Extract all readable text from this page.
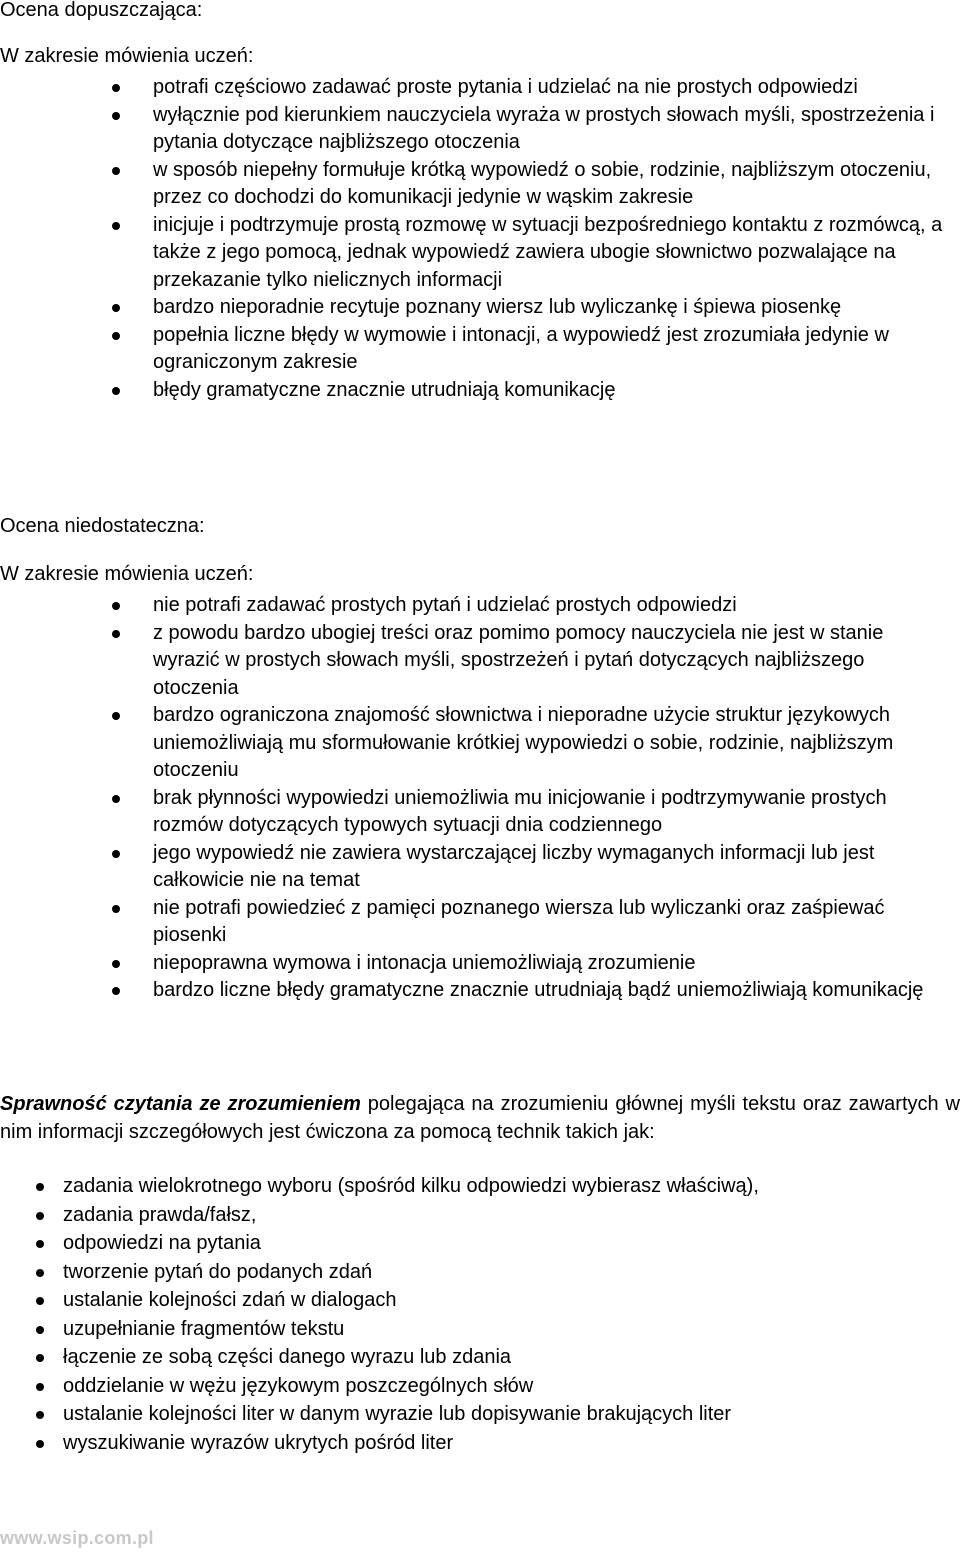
Ocena dopuszczająca:

W zakresie mówienia uczeń:

potrafi częściowo zadawać proste pytania i udzielać na nie prostych odpowiedzi
wyłącznie pod kierunkiem nauczyciela wyraża w prostych słowach myśli, spostrzeżenia i pytania dotyczące najbliższego otoczenia
w sposób niepełny formułuje krótką wypowiedź o sobie, rodzinie, najbliższym otoczeniu, przez co dochodzi do komunikacji jedynie w wąskim zakresie
inicjuje i podtrzymuje prostą rozmowę w sytuacji bezpośredniego kontaktu z rozmówcą, a także z jego pomocą, jednak wypowiedź zawiera ubogie słownictwo pozwalające na przekazanie tylko nielicznych informacji
bardzo nieporadnie recytuje poznany wiersz lub wyliczankę i śpiewa piosenkę
popełnia liczne błędy w wymowie i intonacji, a wypowiedź jest zrozumiała jedynie w ograniczonym zakresie
błędy gramatyczne znacznie utrudniają komunikację
Ocena niedostateczna:

W zakresie mówienia uczeń:

nie potrafi zadawać prostych pytań i udzielać prostych odpowiedzi
z powodu bardzo ubogiej treści oraz pomimo pomocy nauczyciela nie jest w stanie wyrazić w prostych słowach myśli, spostrzeżeń i pytań dotyczących najbliższego otoczenia
bardzo ograniczona znajomość słownictwa i nieporadne użycie struktur językowych uniemożliwiają mu sformułowanie krótkiej wypowiedzi o sobie, rodzinie, najbliższym otoczeniu
brak płynności wypowiedzi uniemożliwia mu inicjowanie i podtrzymywanie prostych rozmów dotyczących typowych sytuacji dnia codziennego
jego wypowiedź nie zawiera wystarczającej liczby wymaganych informacji lub jest całkowicie nie na temat
nie potrafi powiedzieć z pamięci poznanego wiersza lub wyliczanki oraz zaśpiewać piosenki
niepoprawna wymowa i intonacja uniemożliwiają zrozumienie
bardzo liczne błędy gramatyczne znacznie utrudniają bądź uniemożliwiają komunikację

Sprawność czytania ze zrozumieniem polegająca na zrozumieniu głównej myśli tekstu oraz zawartych w nim informacji szczegółowych jest ćwiczona za pomocą technik takich jak:

zadania wielokrotnego wyboru (spośród kilku odpowiedzi wybierasz właściwą),
zadania prawda/fałsz,
odpowiedzi na pytania
tworzenie pytań do podanych zdań
ustalanie kolejności zdań w dialogach
uzupełnianie fragmentów tekstu
łączenie ze sobą części danego wyrazu lub zdania
oddzielanie w wężu językowym poszczególnych słów
ustalanie kolejności liter w danym wyrazie lub dopisywanie brakujących liter
wyszukiwanie wyrazów ukrytych pośród liter
www.wsip.com.pl
